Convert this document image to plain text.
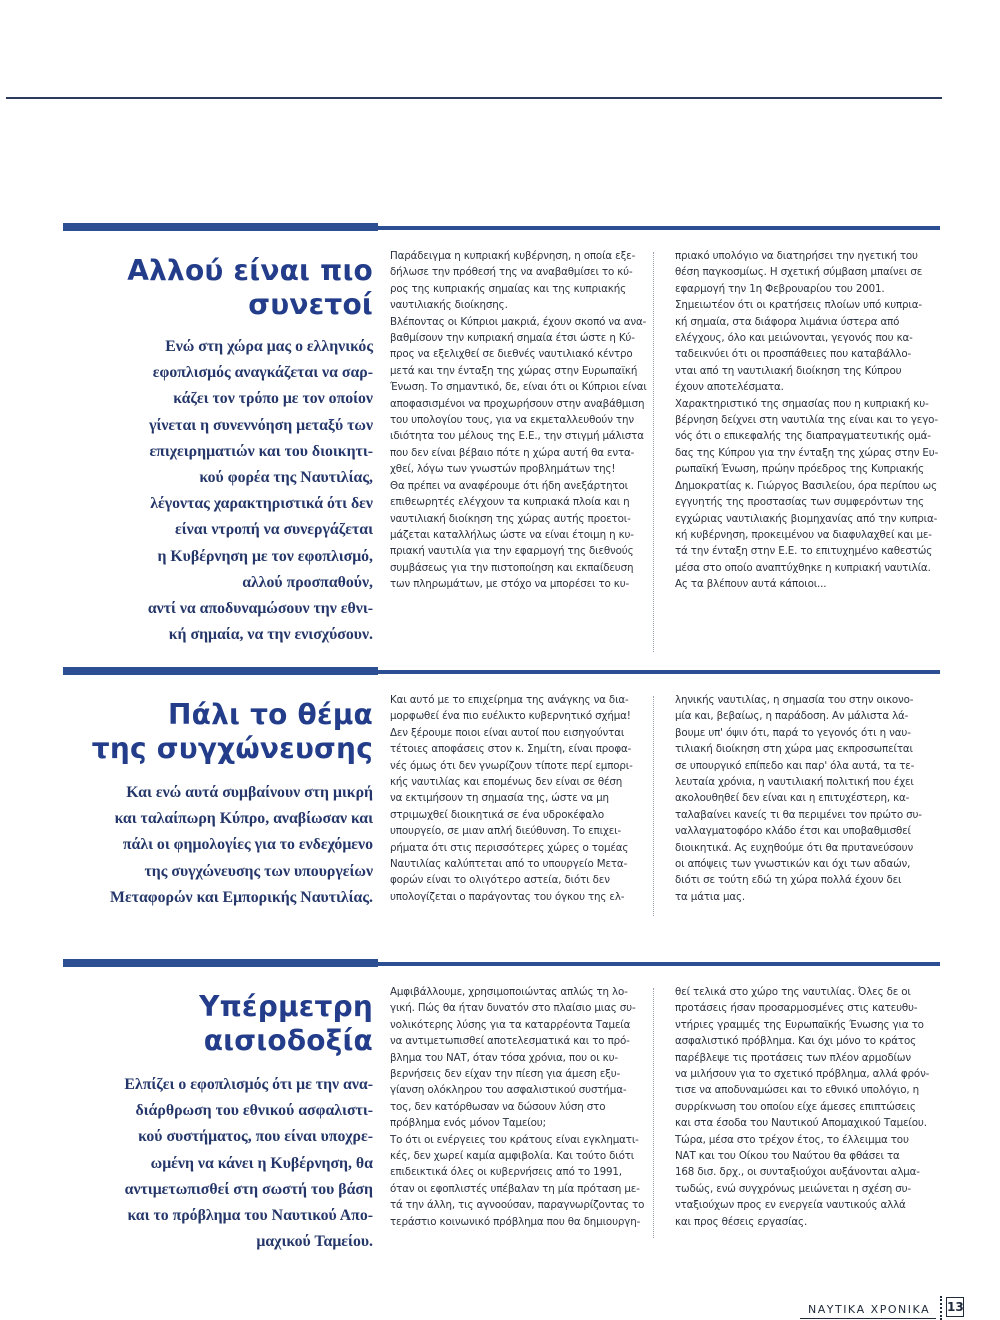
Αλλού είναι πιο
συνετοί
Ενώ στη χώρα μας ο ελληνικός
εφοπλισμός αναγκάζεται να σαρ-
κάζει τον τρόπο με τον οποίον
γίνεται η συνεννόηση μεταξύ των
επιχειρηματιών και του διοικητι-
κού φορέα της Ναυτιλίας,
λέγοντας χαρακτηριστικά ότι δεν
είναι ντροπή να συνεργάζεται
η Κυβέρνηση με τον εφοπλισμό,
αλλού προσπαθούν,
αντί να αποδυναμώσουν την εθνι-
κή σημαία, να την ενισχύσουν.
Παράδειγμα η κυπριακή κυβέρνηση, η οποία εξε-
δήλωσε την πρόθεσή της να αναβαθμίσει το κύ-
ρος της κυπριακής σημαίας και της κυπριακής
ναυτιλιακής διοίκησης.
Βλέποντας οι Κύπριοι μακριά, έχουν σκοπό να ανα-
βαθμίσουν την κυπριακή σημαία έτσι ώστε η Κύ-
προς να εξελιχθεί σε διεθνές ναυτιλιακό κέντρο
μετά και την ένταξη της χώρας στην Ευρωπαϊκή
Ένωση. Το σημαντικό, δε, είναι ότι οι Κύπριοι είναι
αποφασισμένοι να προχωρήσουν στην αναβάθμιση
του υπολογίου τους, για να εκμεταλλευθούν την
ιδιότητα του μέλους της Ε.Ε., την στιγμή μάλιστα
που δεν είναι βέβαιο πότε η χώρα αυτή θα εντα-
χθεί, λόγω των γνωστών προβλημάτων της!
Θα πρέπει να αναφέρουμε ότι ήδη ανεξάρτητοι
επιθεωρητές ελέγχουν τα κυπριακά πλοία και η
ναυτιλιακή διοίκηση της χώρας αυτής προετοι-
μάζεται καταλλήλως ώστε να είναι έτοιμη η κυ-
πριακή ναυτιλία για την εφαρμογή της διεθνούς
συμβάσεως για την πιστοποίηση και εκπαίδευση
των πληρωμάτων, με στόχο να μπορέσει το κυ-
πριακό υπολόγιο να διατηρήσει την ηγετική του
θέση παγκοσμίως. Η σχετική σύμβαση μπαίνει σε
εφαρμογή την 1η Φεβρουαρίου του 2001.
Σημειωτέον ότι οι κρατήσεις πλοίων υπό κυπρια-
κή σημαία, στα διάφορα λιμάνια ύστερα από
ελέγχους, όλο και μειώνονται, γεγονός που κα-
ταδεικνύει ότι οι προσπάθειες που καταβάλλο-
νται από τη ναυτιλιακή διοίκηση της Κύπρου
έχουν αποτελέσματα.
Χαρακτηριστικό της σημασίας που η κυπριακή κυ-
βέρνηση δείχνει στη ναυτιλία της είναι και το γεγο-
νός ότι ο επικεφαλής της διαπραγματευτικής ομά-
δας της Κύπρου για την ένταξη της χώρας στην Ευ-
ρωπαϊκή Ένωση, πρώην πρόεδρος της Κυπριακής
Δημοκρατίας κ. Γιώργος Βασιλείου, όρα περίπου ως
εγγυητής της προστασίας των συμφερόντων της
εγχώριας ναυτιλιακής βιομηχανίας από την κυπρια-
κή κυβέρνηση, προκειμένου να διαφυλαχθεί και με-
τά την ένταξη στην Ε.Ε. το επιτυχημένο καθεστώς
μέσα στο οποίο αναπτύχθηκε η κυπριακή ναυτιλία.
Ας τα βλέπουν αυτά κάποιοι...
Πάλι το θέμα
της συγχώνευσης
Και ενώ αυτά συμβαίνουν στη μικρή
και ταλαίπωρη Κύπρο, αναβίωσαν και
πάλι οι φημολογίες για το ενδεχόμενο
της συγχώνευσης των υπουργείων
Μεταφορών και Εμπορικής Ναυτιλίας.
Και αυτό με το επιχείρημα της ανάγκης να δια-
μορφωθεί ένα πιο ευέλικτο κυβερνητικό σχήμα!
Δεν ξέρουμε ποιοι είναι αυτοί που εισηγούνται
τέτοιες αποφάσεις στον κ. Σημίτη, είναι προφα-
νές όμως ότι δεν γνωρίζουν τίποτε περί εμπορι-
κής ναυτιλίας και επομένως δεν είναι σε θέση
να εκτιμήσουν τη σημασία της, ώστε να μη
στριμωχθεί διοικητικά σε ένα υδροκέφαλο
υπουργείο, σε μιαν απλή διεύθυνση. Το επιχει-
ρήματα ότι στις περισσότερες χώρες ο τομέας
Ναυτιλίας καλύπτεται από το υπουργείο Μετα-
φορών είναι το ολιγότερο αστεία, διότι δεν
υπολογίζεται ο παράγοντας του όγκου της ελ-
ληνικής ναυτιλίας, η σημασία του στην οικονο-
μία και, βεβαίως, η παράδοση. Αν μάλιστα λά-
βουμε υπ' όψιν ότι, παρά το γεγονός ότι η ναυ-
τιλιακή διοίκηση στη χώρα μας εκπροσωπείται
σε υπουργικό επίπεδο και παρ' όλα αυτά, τα τε-
λευταία χρόνια, η ναυτιλιακή πολιτική που έχει
ακολουθηθεί δεν είναι και η επιτυχέστερη, κα-
ταλαβαίνει κανείς τι θα περιμένει τον πρώτο συ-
ναλλαγματοφόρο κλάδο έτσι και υποβαθμισθεί
διοικητικά. Ας ευχηθούμε ότι θα πρυτανεύσουν
οι απόψεις των γνωστικών και όχι των αδαών,
διότι σε τούτη εδώ τη χώρα πολλά έχουν δει
τα μάτια μας.
Υπέρμετρη
αισιοδοξία
Ελπίζει ο εφοπλισμός ότι με την ανα-
διάρθρωση του εθνικού ασφαλιστι-
κού συστήματος, που είναι υποχρε-
ωμένη να κάνει η Κυβέρνηση, θα
αντιμετωπισθεί στη σωστή του βάση
και το πρόβλημα του Ναυτικού Απο-
μαχικού Ταμείου.
Αμφιβάλλουμε, χρησιμοποιώντας απλώς τη λο-
γική. Πώς θα ήταν δυνατόν στο πλαίσιο μιας συ-
νολικότερης λύσης για τα καταρρέοντα Ταμεία
να αντιμετωπισθεί αποτελεσματικά και το πρό-
βλημα του ΝΑΤ, όταν τόσα χρόνια, που οι κυ-
βερνήσεις δεν είχαν την πίεση για άμεση εξυ-
γίανση ολόκληρου του ασφαλιστικού συστήμα-
τος, δεν κατόρθωσαν να δώσουν λύση στο
πρόβλημα ενός μόνον Ταμείου;
Το ότι οι ενέργειες του κράτους είναι εγκληματι-
κές, δεν χωρεί καμία αμφιβολία. Και τούτο διότι
επιδεικτικά όλες οι κυβερνήσεις από το 1991,
όταν οι εφοπλιστές υπέβαλαν τη μία πρόταση με-
τά την άλλη, τις αγνοούσαν, παραγνωρίζοντας το
τεράστιο κοινωνικό πρόβλημα που θα δημιουργη-
θεί τελικά στο χώρο της ναυτιλίας. Όλες δε οι
προτάσεις ήσαν προσαρμοσμένες στις κατευθυ-
ντήριες γραμμές της Ευρωπαϊκής Ένωσης για το
ασφαλιστικό πρόβλημα. Και όχι μόνο το κράτος
παρέβλεψε τις προτάσεις των πλέον αρμοδίων
να μιλήσουν για το σχετικό πρόβλημα, αλλά φρόν-
τισε να αποδυναμώσει και το εθνικό υπολόγιο, η
συρρίκνωση του οποίου είχε άμεσες επιπτώσεις
και στα έσοδα του Ναυτικού Απομαχικού Ταμείου.
Τώρα, μέσα στο τρέχον έτος, το έλλειμμα του
ΝΑΤ και του Οίκου του Ναύτου θα φθάσει τα
168 δισ. δρχ., οι συνταξιούχοι αυξάνονται αλμα-
τωδώς, ενώ συγχρόνως μειώνεται η σχέση συ-
νταξιούχων προς εν ενεργεία ναυτικούς αλλά
και προς θέσεις εργασίας.
ΝΑΥΤΙΚΑ ΧΡΟΝΙΚΑ 13
